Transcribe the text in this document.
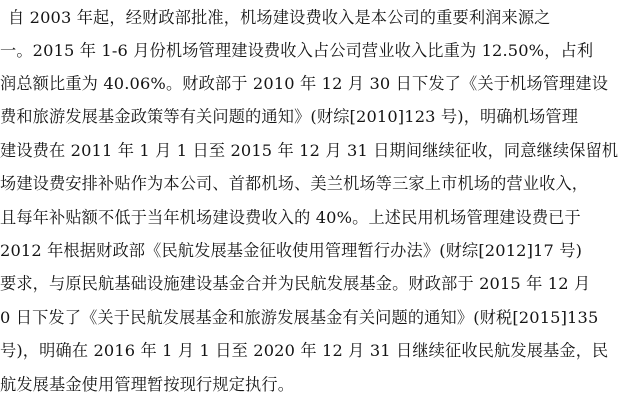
自 2003 年起，经财政部批准，机场建设费收入是本公司的重要利润来源之
一。2015 年 1-6 月份机场管理建设费收入占公司营业收入比重为 12.50%，占利
润总额比重为 40.06%。财政部于 2010 年 12 月 30 日下发了《关于机场管理建设
费和旅游发展基金政策等有关问题的通知》(财综[2010]123 号)，明确机场管理
建设费在 2011 年 1 月 1 日至 2015 年 12 月 31 日期间继续征收，同意继续保留机
场建设费安排补贴作为本公司、首都机场、美兰机场等三家上市机场的营业收入，
且每年补贴额不低于当年机场建设费收入的 40%。上述民用机场管理建设费已于
2012 年根据财政部《民航发展基金征收使用管理暂行办法》(财综[2012]17 号)
要求，与原民航基础设施建设基金合并为民航发展基金。财政部于 2015 年 12 月
0 日下发了《关于民航发展基金和旅游发展基金有关问题的通知》(财税[2015]135
号)，明确在 2016 年 1 月 1 日至 2020 年 12 月 31 日继续征收民航发展基金，民
航发展基金使用管理暂按现行规定执行。
